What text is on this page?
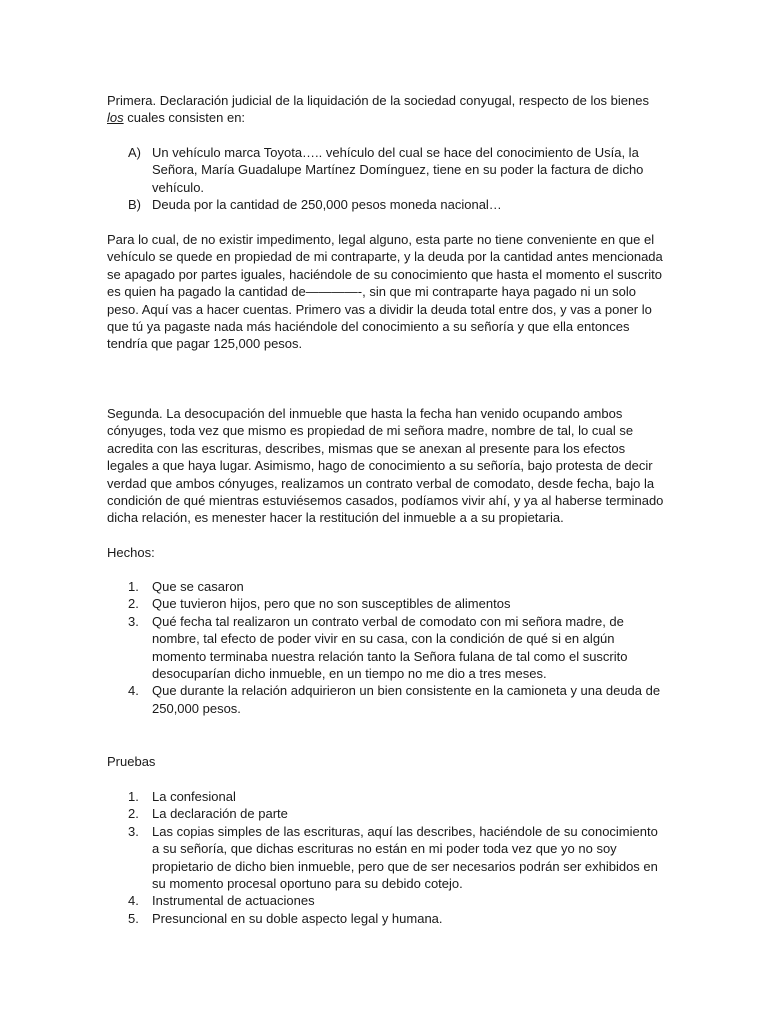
Primera. Declaración judicial de la liquidación de la sociedad conyugal, respecto de los bienes los cuales consisten en:

A) Un vehículo marca Toyota….. vehículo del cual se hace del conocimiento de Usía, la Señora, María Guadalupe Martínez Domínguez, tiene en su poder la factura de dicho vehículo.
B) Deuda por la cantidad de 250,000 pesos moneda nacional…

Para lo cual, de no existir impedimento, legal alguno, esta parte no tiene conveniente en que el vehículo se quede en propiedad de mi contraparte, y la deuda por la cantidad antes mencionada se apagado por partes iguales, haciéndole de su conocimiento que hasta el momento el suscrito es quien ha pagado la cantidad de————-, sin que mi contraparte haya pagado ni un solo peso. Aquí vas a hacer cuentas. Primero vas a dividir la deuda total entre dos, y vas a poner lo que tú ya pagaste nada más haciéndole del conocimiento a su señoría y que ella entonces tendría que pagar 125,000 pesos.

Segunda. La desocupación del inmueble que hasta la fecha han venido ocupando ambos cónyuges, toda vez que mismo es propiedad de mi señora madre, nombre de tal, lo cual se acredita con las escrituras, describes, mismas que se anexan al presente para los efectos legales a que haya lugar. Asimismo, hago de conocimiento a su señoría, bajo protesta de decir verdad que ambos cónyuges, realizamos un contrato verbal de comodato, desde fecha, bajo la condición de qué mientras estuviésemos casados, podíamos vivir ahí, y ya al haberse terminado dicha relación, es menester hacer la restitución del inmueble a a su propietaria.

Hechos:

1. Que se casaron
2. Que tuvieron hijos, pero que no son susceptibles de alimentos
3. Qué fecha tal realizaron un contrato verbal de comodato con mi señora madre, de nombre, tal efecto de poder vivir en su casa, con la condición de qué si en algún momento terminaba nuestra relación tanto la Señora fulana de tal como el suscrito desocuparían dicho inmueble, en un tiempo no me dio a tres meses.
4. Que durante la relación adquirieron un bien consistente en la camioneta y una deuda de 250,000 pesos.

Pruebas

1. La confesional
2. La declaración de parte
3. Las copias simples de las escrituras, aquí las describes, haciéndole de su conocimiento a su señoría, que dichas escrituras no están en mi poder toda vez que yo no soy propietario de dicho bien inmueble, pero que de ser necesarios podrán ser exhibidos en su momento procesal oportuno para su debido cotejo.
4. Instrumental de actuaciones
5. Presuncional en su doble aspecto legal y humana.
